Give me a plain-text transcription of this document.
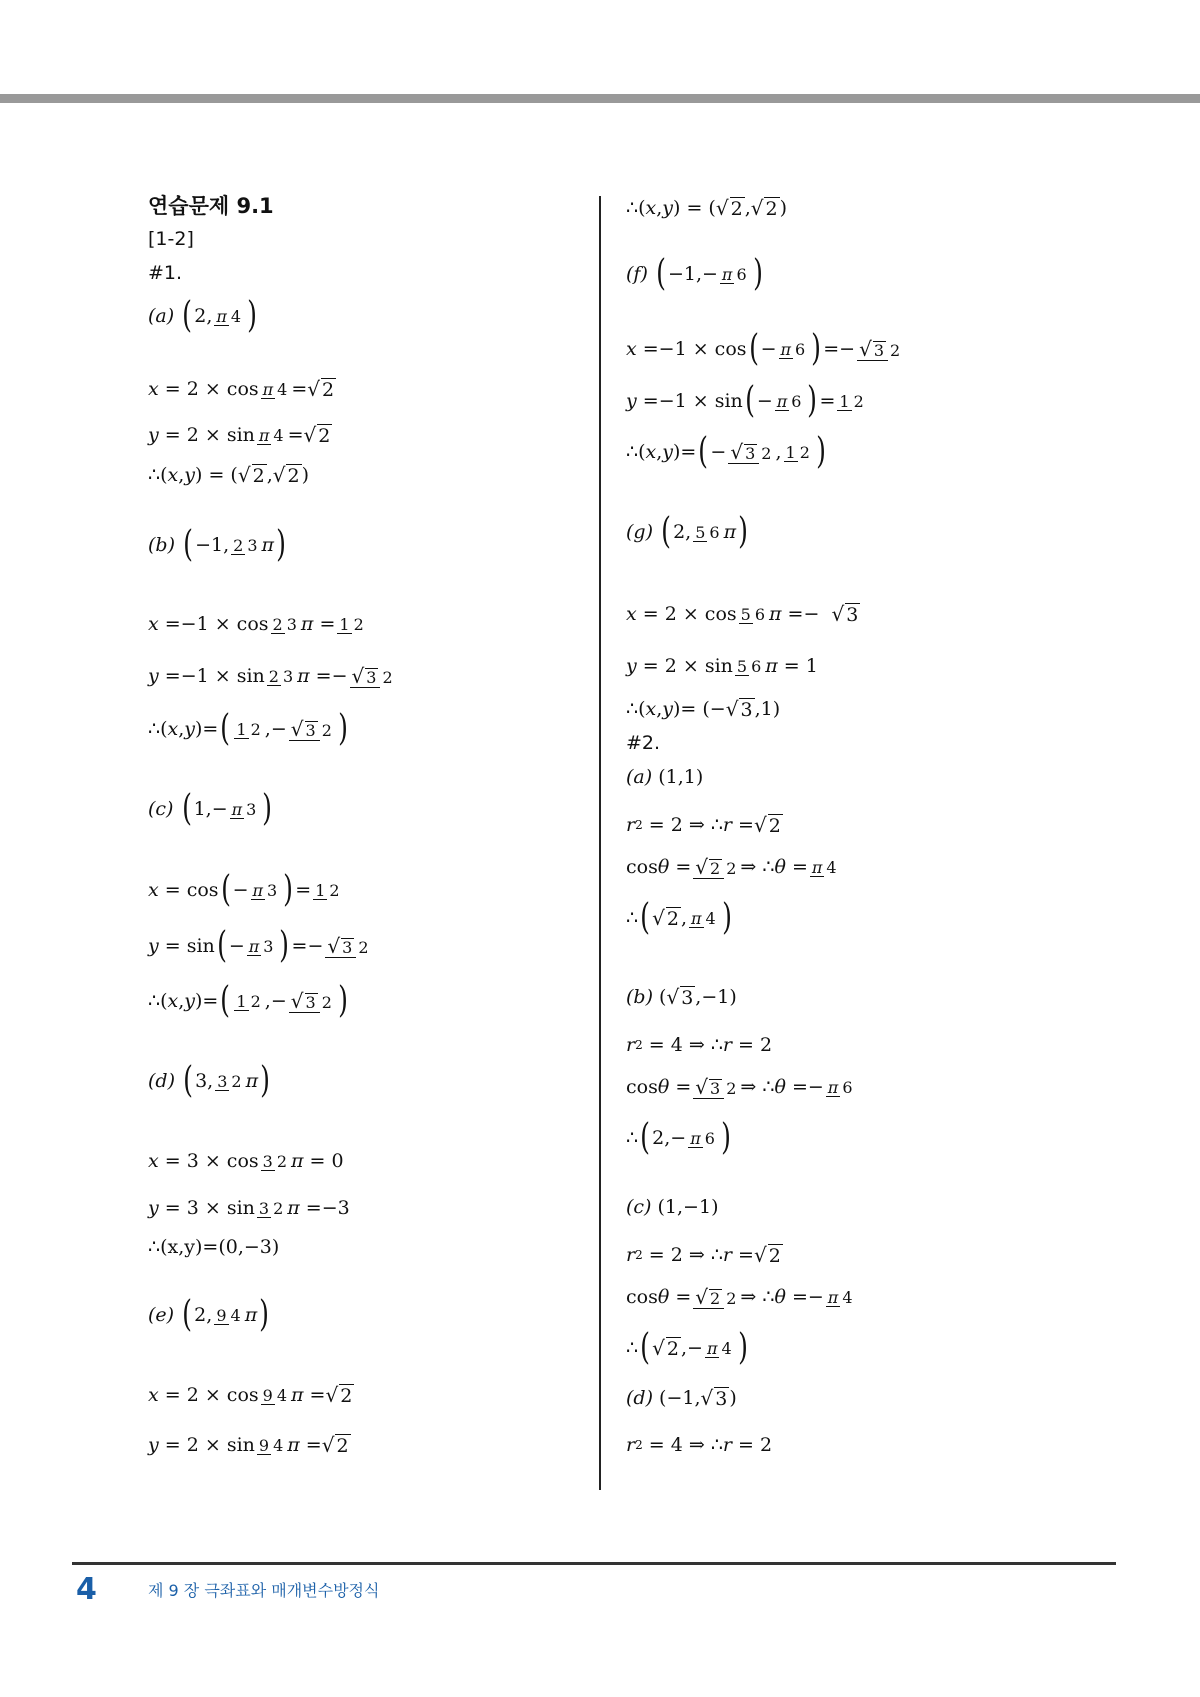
연습문제 9.1
[1-2]
#1.
(a)
( 2, π 4 )
x = 2 × cos π 4 = √ 2
y = 2 × sin π 4 = √ 2
∴( x , y ) = ( √ 2 , √ 2 )
(b)
( −1, 2 3 π )
x =−1 × cos 2 3 π = 1 2
y =−1 × sin 2 3 π =− √ 3 2
∴( x , y )= ( 1 2 ,− √ 3 2 )
(c)
( 1,− π 3 )
x = cos ( − π 3 ) = 1 2
y = sin ( − π 3 ) =− √ 3 2
∴( x , y )= ( 1 2 ,− √ 3 2 )
(d)
( 3, 3 2 π )
x = 3 × cos 3 2 π = 0
y = 3 × sin 3 2 π =−3
∴(x,y)=(0,−3)
(e)
( 2, 9 4 π )
x = 2 × cos 9 4 π = √ 2
y = 2 × sin 9 4 π = √ 2
∴( x , y ) = ( √ 2 , √ 2 )
(f)
( −1,− π 6 )
x =−1 × cos ( − π 6 ) =− √ 3 2
y =−1 × sin ( − π 6 ) = 1 2
∴( x , y )= ( − √ 3 2 , 1 2 )
(g)
( 2, 5 6 π )
x = 2 × cos 5 6 π =− √ 3
y = 2 × sin 5 6 π = 1
∴( x , y )= (− √ 3 ,1)
#2.
(a)
(1,1)
r 2 = 2 ⇒ ∴ r = √ 2
cos θ = √ 2 2 ⇒ ∴ θ = π 4
∴ ( √ 2 , π 4 )
(b) ( √ 3 ,−1)
r 2 = 4 ⇒ ∴ r = 2
cos θ = √ 3 2 ⇒ ∴ θ =− π 6
∴ ( 2,− π 6 )
(c)
(1,−1)
r 2 = 2 ⇒ ∴ r = √ 2
cos θ = √ 2 2 ⇒ ∴ θ =− π 4
∴ ( √ 2 ,− π 4 )
(d) (−1, √ 3 )
r 2 = 4 ⇒ ∴ r = 2
4	제 9 장 극좌표와 매개변수방정식
